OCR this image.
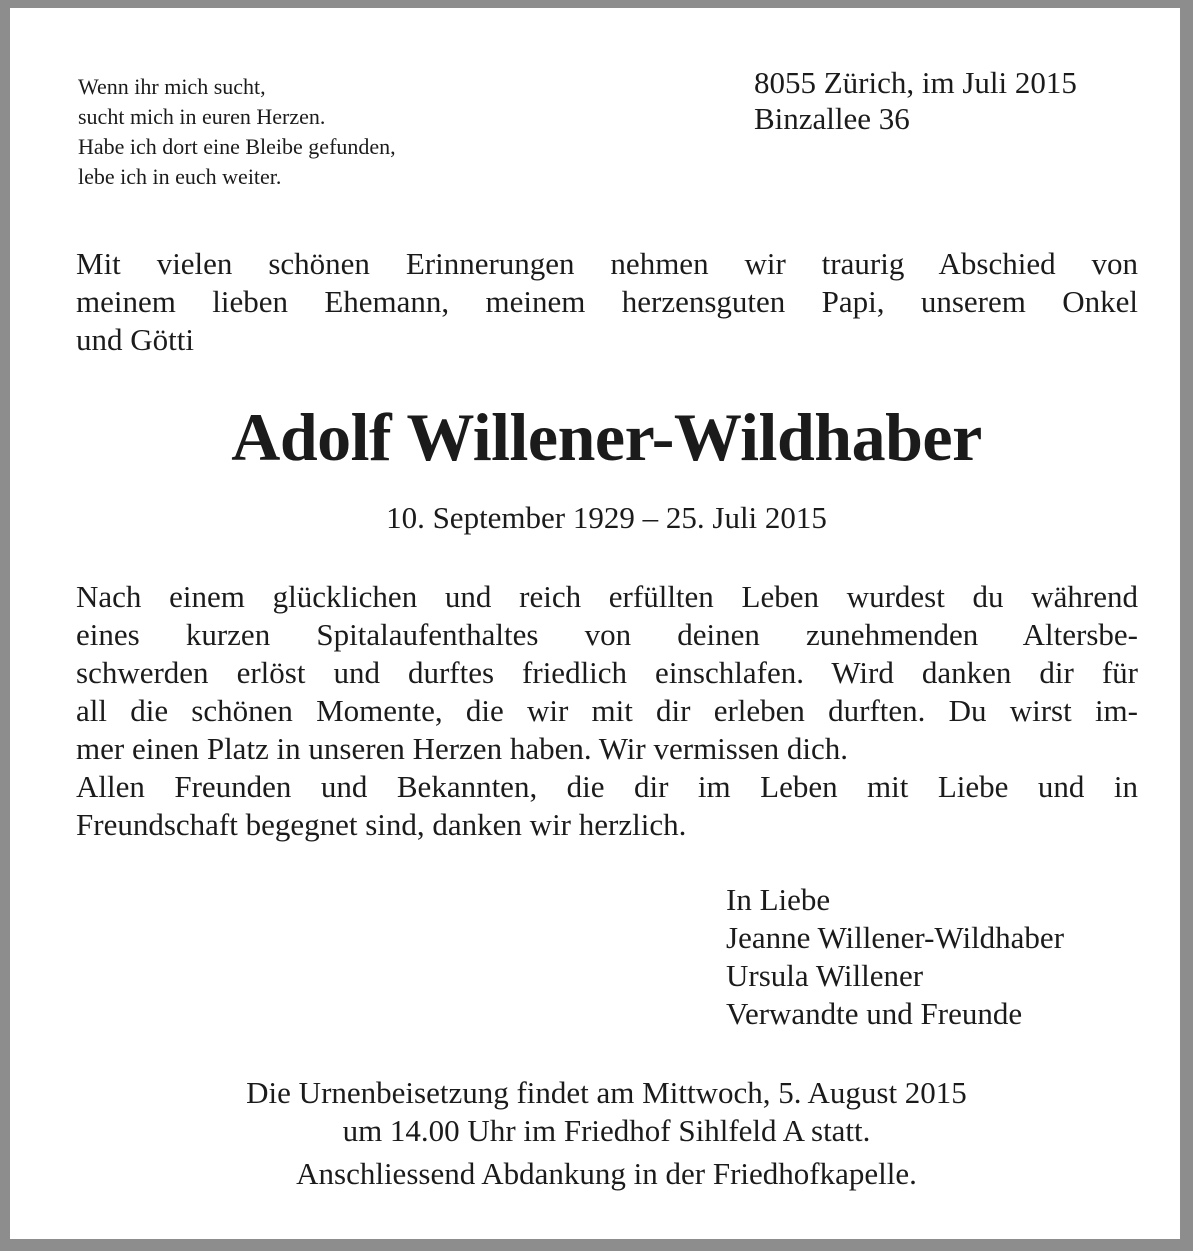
Wenn ihr mich sucht,
sucht mich in euren Herzen.
Habe ich dort eine Bleibe gefunden,
lebe ich in euch weiter.
8055 Zürich, im Juli 2015
Binzallee 36
Mit vielen schönen Erinnerungen nehmen wir traurig Abschied von
meinem lieben Ehemann, meinem herzensguten Papi, unserem Onkel
und Götti
Adolf Willener-Wildhaber
10. September 1929 – 25. Juli 2015
Nach einem glücklichen und reich erfüllten Leben wurdest du während
eines kurzen Spitalaufenthaltes von deinen zunehmenden Altersbe-
schwerden erlöst und durftes friedlich einschlafen. Wird danken dir für
all die schönen Momente, die wir mit dir erleben durften. Du wirst im-
mer einen Platz in unseren Herzen haben. Wir vermissen dich.
Allen Freunden und Bekannten, die dir im Leben mit Liebe und in
Freundschaft begegnet sind, danken wir herzlich.
In Liebe
Jeanne Willener-Wildhaber
Ursula Willener
Verwandte und Freunde
Die Urnenbeisetzung findet am Mittwoch, 5. August 2015
um 14.00 Uhr im Friedhof Sihlfeld A statt.
Anschliessend Abdankung in der Friedhofkapelle.
